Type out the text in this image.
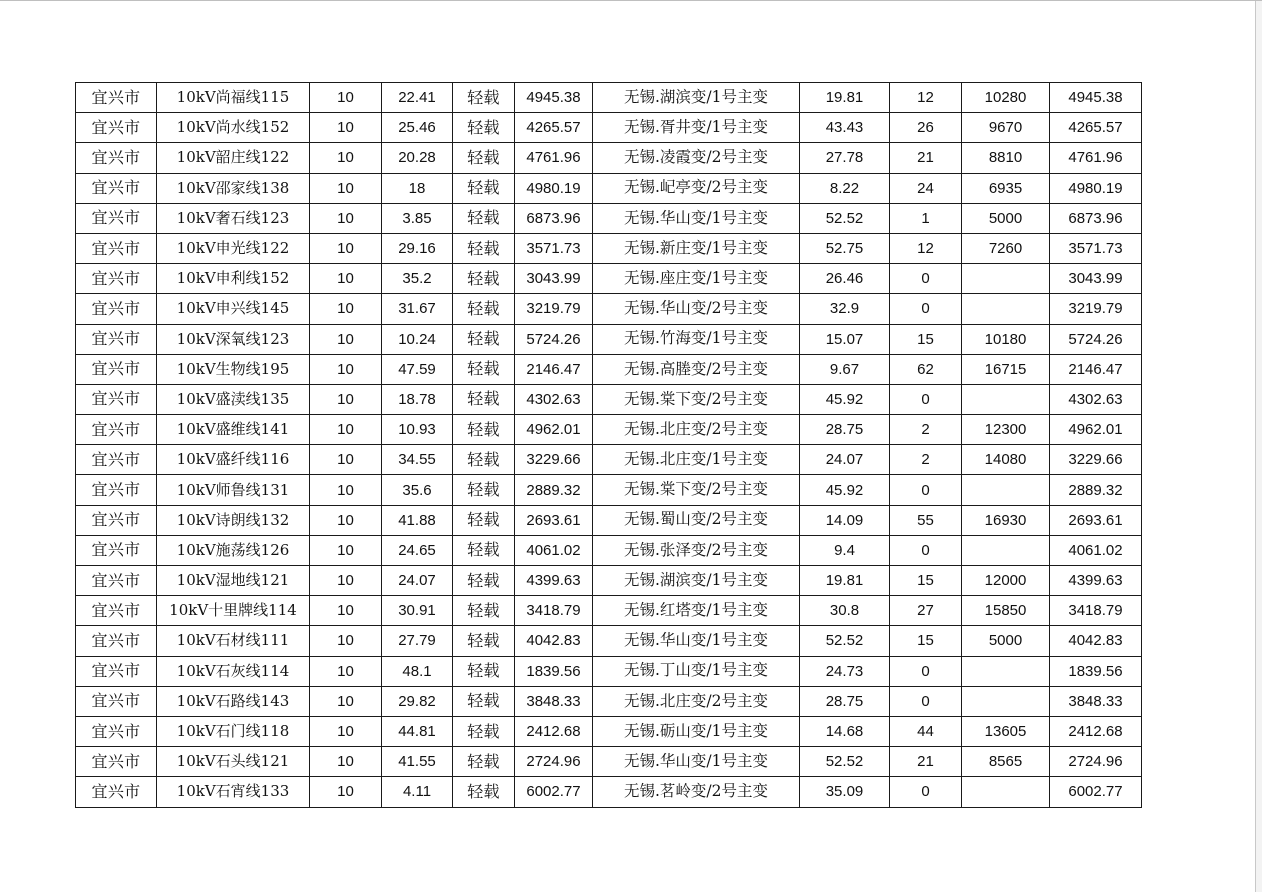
宜兴市	10kV尚福线115	10	22.41	轻载	4945.38	无锡.湖滨变/1号主变	19.81	12	10280	4945.38
宜兴市	10kV尚水线152	10	25.46	轻载	4265.57	无锡.胥井变/1号主变	43.43	26	9670	4265.57
宜兴市	10kV韶庄线122	10	20.28	轻载	4761.96	无锡.凌霞变/2号主变	27.78	21	8810	4761.96
宜兴市	10kV邵家线138	10	18	轻载	4980.19	无锡.屺亭变/2号主变	8.22	24	6935	4980.19
宜兴市	10kV奢石线123	10	3.85	轻载	6873.96	无锡.华山变/1号主变	52.52	1	5000	6873.96
宜兴市	10kV申光线122	10	29.16	轻载	3571.73	无锡.新庄变/1号主变	52.75	12	7260	3571.73
宜兴市	10kV申利线152	10	35.2	轻载	3043.99	无锡.座庄变/1号主变	26.46	0		3043.99
宜兴市	10kV申兴线145	10	31.67	轻载	3219.79	无锡.华山变/2号主变	32.9	0		3219.79
宜兴市	10kV深氧线123	10	10.24	轻载	5724.26	无锡.竹海变/1号主变	15.07	15	10180	5724.26
宜兴市	10kV生物线195	10	47.59	轻载	2146.47	无锡.高塍变/2号主变	9.67	62	16715	2146.47
宜兴市	10kV盛渎线135	10	18.78	轻载	4302.63	无锡.棠下变/2号主变	45.92	0		4302.63
宜兴市	10kV盛维线141	10	10.93	轻载	4962.01	无锡.北庄变/2号主变	28.75	2	12300	4962.01
宜兴市	10kV盛纤线116	10	34.55	轻载	3229.66	无锡.北庄变/1号主变	24.07	2	14080	3229.66
宜兴市	10kV师鲁线131	10	35.6	轻载	2889.32	无锡.棠下变/2号主变	45.92	0		2889.32
宜兴市	10kV诗朗线132	10	41.88	轻载	2693.61	无锡.蜀山变/2号主变	14.09	55	16930	2693.61
宜兴市	10kV施荡线126	10	24.65	轻载	4061.02	无锡.张泽变/2号主变	9.4	0		4061.02
宜兴市	10kV湿地线121	10	24.07	轻载	4399.63	无锡.湖滨变/1号主变	19.81	15	12000	4399.63
宜兴市	10kV十里牌线114	10	30.91	轻载	3418.79	无锡.红塔变/1号主变	30.8	27	15850	3418.79
宜兴市	10kV石材线111	10	27.79	轻载	4042.83	无锡.华山变/1号主变	52.52	15	5000	4042.83
宜兴市	10kV石灰线114	10	48.1	轻载	1839.56	无锡.丁山变/1号主变	24.73	0		1839.56
宜兴市	10kV石路线143	10	29.82	轻载	3848.33	无锡.北庄变/2号主变	28.75	0		3848.33
宜兴市	10kV石门线118	10	44.81	轻载	2412.68	无锡.砺山变/1号主变	14.68	44	13605	2412.68
宜兴市	10kV石头线121	10	41.55	轻载	2724.96	无锡.华山变/1号主变	52.52	21	8565	2724.96
宜兴市	10kV石宵线133	10	4.11	轻载	6002.77	无锡.茗岭变/2号主变	35.09	0		6002.77
